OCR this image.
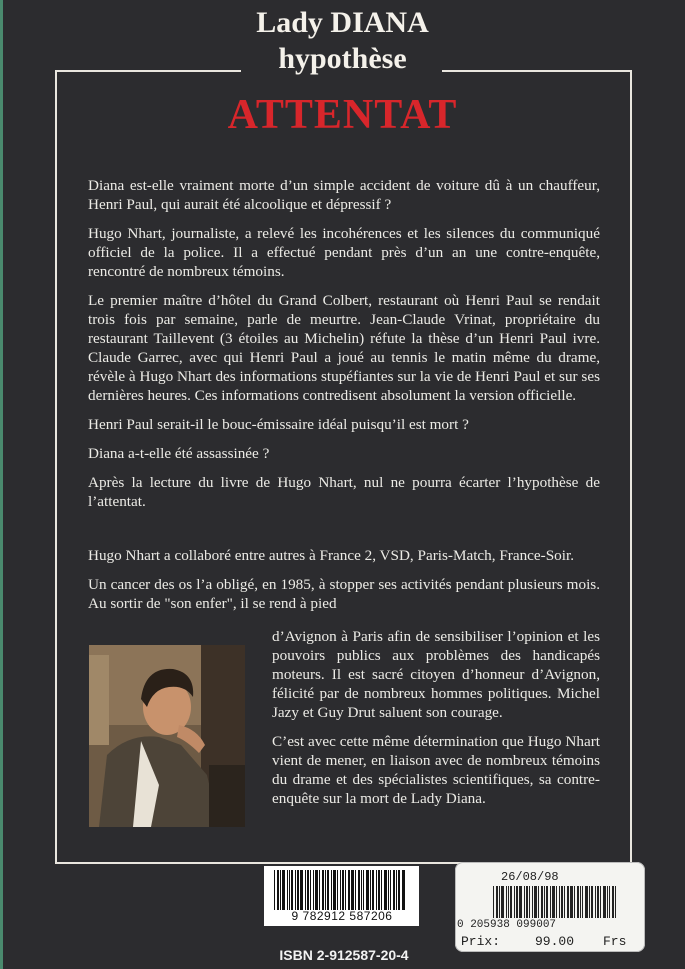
Lady DIANA
hypothèse
ATTENTAT

Diana est-elle vraiment morte d’un simple accident de voiture dû à un chauffeur, Henri Paul, qui aurait été alcoolique et dépressif ?

Hugo Nhart, journaliste, a relevé les incohérences et les silences du communiqué officiel de la police. Il a effectué pendant près d’un an une contre-enquête, rencontré de nombreux témoins.

Le premier maître d’hôtel du Grand Colbert, restaurant où Henri Paul se rendait trois fois par semaine, parle de meurtre. Jean-Claude Vrinat, propriétaire du restaurant Taillevent (3 étoiles au Michelin) réfute la thèse d’un Henri Paul ivre. Claude Garrec, avec qui Henri Paul a joué au tennis le matin même du drame, révèle à Hugo Nhart des informations stupéfiantes sur la vie de Henri Paul et sur ses dernières heures. Ces informations contredisent absolument la version officielle.

Henri Paul serait-il le bouc-émissaire idéal puisqu’il est mort ?

Diana a-t-elle été assassinée ?

Après la lecture du livre de Hugo Nhart, nul ne pourra écarter l’hypothèse de l’attentat.

Hugo Nhart a collaboré entre autres à France 2, VSD, Paris-Match, France-Soir.

Un cancer des os l’a obligé, en 1985, à stopper ses activités pendant plusieurs mois. Au sortir de "son enfer", il se rend à pied

d’Avignon à Paris afin de sensibiliser l’opinion et les pouvoirs publics aux problèmes des handicapés moteurs. Il est sacré citoyen d’honneur d’Avignon, félicité par de nombreux hommes politiques. Michel Jazy et Guy Drut saluent son courage.

C’est avec cette même détermination que Hugo Nhart vient de mener, en liaison avec de nombreux témoins du drame et des spécialistes scientifiques, sa contre-enquête sur la mort de Lady Diana.

9 782912 587206
ISBN 2-912587-20-4
26/08/98
0 205938 099007
Prix:	99.00 Frs
